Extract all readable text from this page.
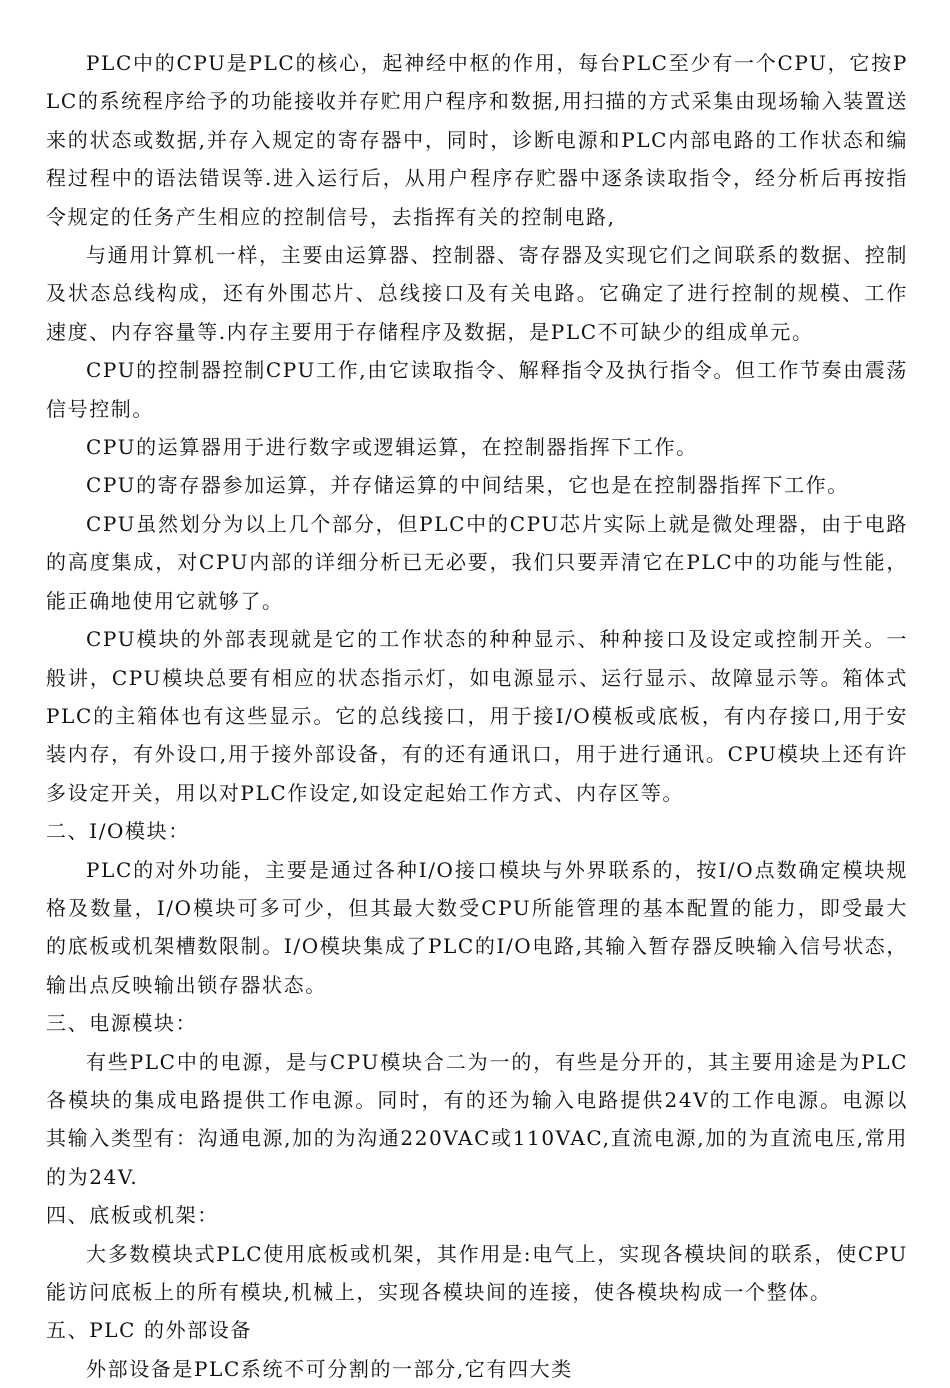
PLC中的CPU是PLC的核心，起神经中枢的作用，每台PLC至少有一个CPU，它按PLC的系统程序给予的功能接收并存贮用户程序和数据,用扫描的方式采集由现场输入装置送来的状态或数据,并存入规定的寄存器中，同时，诊断电源和PLC内部电路的工作状态和编程过程中的语法错误等.进入运行后，从用户程序存贮器中逐条读取指令，经分析后再按指令规定的任务产生相应的控制信号，去指挥有关的控制电路,

与通用计算机一样，主要由运算器、控制器、寄存器及实现它们之间联系的数据、控制及状态总线构成，还有外围芯片、总线接口及有关电路。它确定了进行控制的规模、工作速度、内存容量等.内存主要用于存储程序及数据，是PLC不可缺少的组成单元。

CPU的控制器控制CPU工作,由它读取指令、解释指令及执行指令。但工作节奏由震荡信号控制。

CPU的运算器用于进行数字或逻辑运算，在控制器指挥下工作。

CPU的寄存器参加运算，并存储运算的中间结果，它也是在控制器指挥下工作。

CPU虽然划分为以上几个部分，但PLC中的CPU芯片实际上就是微处理器，由于电路的高度集成，对CPU内部的详细分析已无必要，我们只要弄清它在PLC中的功能与性能，能正确地使用它就够了。

CPU模块的外部表现就是它的工作状态的种种显示、种种接口及设定或控制开关。一般讲，CPU模块总要有相应的状态指示灯，如电源显示、运行显示、故障显示等。箱体式PLC的主箱体也有这些显示。它的总线接口，用于接I/O模板或底板，有内存接口,用于安装内存，有外设口,用于接外部设备，有的还有通讯口，用于进行通讯。CPU模块上还有许多设定开关，用以对PLC作设定,如设定起始工作方式、内存区等。

二、I/O模块：

PLC的对外功能，主要是通过各种I/O接口模块与外界联系的，按I/O点数确定模块规格及数量，I/O模块可多可少，但其最大数受CPU所能管理的基本配置的能力，即受最大的底板或机架槽数限制。I/O模块集成了PLC的I/O电路,其输入暂存器反映输入信号状态，输出点反映输出锁存器状态。

三、电源模块：

有些PLC中的电源，是与CPU模块合二为一的，有些是分开的，其主要用途是为PLC各模块的集成电路提供工作电源。同时，有的还为输入电路提供24V的工作电源。电源以其输入类型有：沟通电源,加的为沟通220VAC或110VAC,直流电源,加的为直流电压,常用的为24V.

四、底板或机架：

大多数模块式PLC使用底板或机架，其作用是:电气上，实现各模块间的联系，使CPU能访问底板上的所有模块,机械上，实现各模块间的连接，使各模块构成一个整体。

五、PLC 的外部设备

外部设备是PLC系统不可分割的一部分,它有四大类
